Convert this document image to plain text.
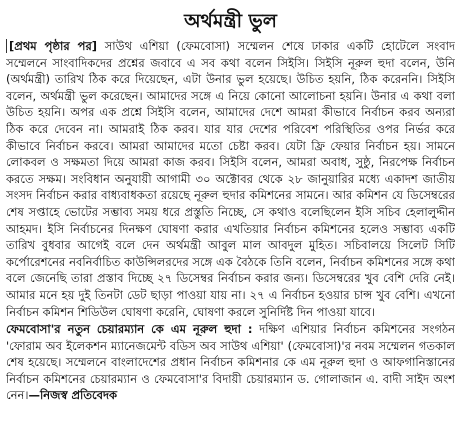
অর্থমন্ত্রী ভুল

[প্রথম পৃষ্ঠার পর] সাউথ এশিয়া (ফেমবোসা) সম্মেলন শেষে ঢাকার একটি হোটেলে সংবাদ সম্মেলনে সাংবাদিকদের প্রশ্নের জবাবে এ সব কথা বলেন সিইসি। সিইসি নূরুল হুদা বলেন, উনি (অর্থমন্ত্রী) তারিখ ঠিক করে দিয়েছেন, এটা উনার ভুল হয়েছে। উচিত হয়নি, ঠিক করেননি। সিইসি বলেন, অর্থমন্ত্রী ভুল করেছেন। আমাদের সঙ্গে এ নিয়ে কোনো আলোচনা হয়নি। উনার এ কথা বলা উচিত হয়নি। অপর এক প্রশ্নে সিইসি বলেন, আমাদের দেশে আমরা কীভাবে নির্বাচন করব অন্যরা ঠিক করে দেবেন না। আমরাই ঠিক করব। যার যার দেশের পরিবেশ পরিস্থিতির ওপর নির্ভর করে কীভাবে নির্বাচন করবে। আমরা আমাদের মতো চেষ্টা করব। যেটা ফ্রি ফেয়ার নির্বাচন হয়। সামনে লোকবল ও সক্ষমতা দিয়ে আমরা কাজ করব। সিইসি বলেন, আমরা অবাধ, সুষ্ঠু, নিরপেক্ষ নির্বাচন করতে সক্ষম। সংবিধান অনুযায়ী আগামী ৩০ অক্টোবর থেকে ২৮ জানুয়ারির মধ্যে একাদশ জাতীয় সংসদ নির্বাচন করার বাধ্যবাধকতা রয়েছে নূরুল হুদার কমিশনের সামনে। আর কমিশন যে ডিসেম্বরের শেষ সপ্তাহে ভোটের সম্ভাব্য সময় ধরে প্রস্তুতি নিচ্ছে, সে কথাও বলেছিলেন ইসি সচিব হেলালুদ্দীন আহমদ। ইসি নির্বাচনের দিনক্ষণ ঘোষণা করার এখতিয়ার নির্বাচন কমিশনের হলেও সম্ভাব্য একটি তারিখ বুধবার আগেই বলে দেন অর্থমন্ত্রী আবুল মাল আবদুল মুহিত। সচিবালয়ে সিলেট সিটি কর্পোরেশনের নবনির্বাচিত কাউন্সিলরদের সঙ্গে এক বৈঠকে তিনি বলেন, নির্বাচন কমিশনের সঙ্গে কথা বলে জেনেছি তারা প্রস্তাব দিচ্ছে ২৭ ডিসেম্বর নির্বাচন করার জন্য। ডিসেম্বরের খুব বেশি দেরি নেই। আমার মনে হয় দুই তিনটা ডেট ছাড়া পাওয়া যায় না। ২৭ এ নির্বাচন হওয়ার চান্স খুব বেশি। এখনো নির্বাচন কমিশন শিডিউল ঘোষণা করেনি, ঘোষণা করলে সুনির্দিষ্ট দিন পাওয়া যাবে।

ফেমবোসা'র নতুন চেয়ারম্যান কে এম নূরুল হুদা : দক্ষিণ এশিয়ার নির্বাচন কমিশনের সংগঠন 'ফোরাম অব ইলেকশন ম্যানেজমেন্ট বডিস অব সাউথ এশিয়া' (ফেমবোসা)'র নবম সম্মেলন গতকাল শেষ হয়েছে। সম্মেলনে বাংলাদেশের প্রধান নির্বাচন কমিশনার কে এম নূরুল হুদা ও আফগানিস্তানের নির্বাচন কমিশনের চেয়ারম্যান ও ফেমবোসা'র বিদায়ী চেয়ারম্যান ড. গোলাজান এ. বাদী সাইদ অংশ নেন।—নিজস্ব প্রতিবেদক
